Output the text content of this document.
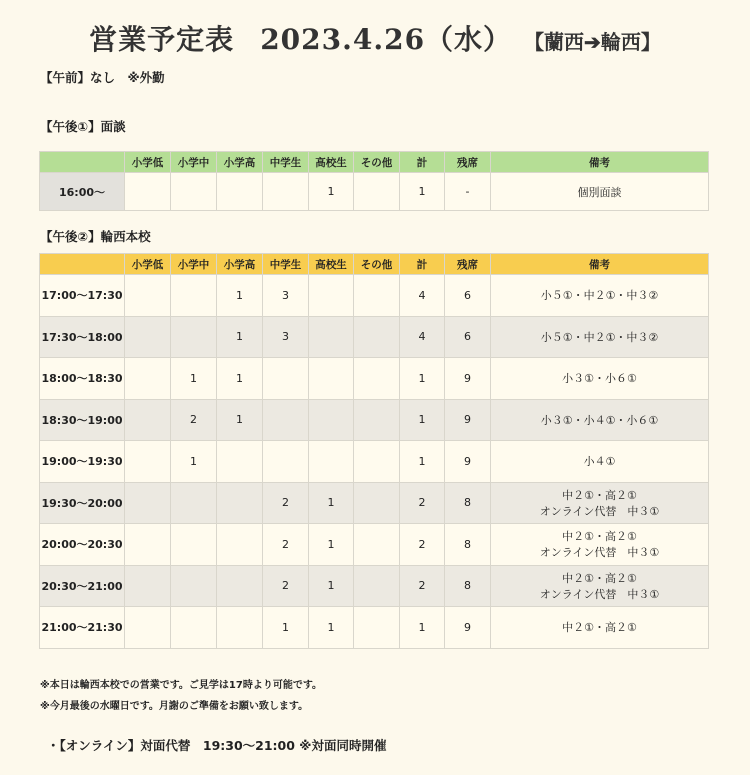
営業予定表 2023.4.26（水） 【蘭西➔輪西】
【午前】なし　※外勤
【午後①】面談
	小学低	小学中	小学高	中学生	高校生	その他	計	残席	備考
16:00〜					1		1	-	個別面談
【午後②】輪西本校
	小学低	小学中	小学高	中学生	高校生	その他	計	残席	備考
17:00〜17:30			1	3			4	6	小５①・中２①・中３②
17:30〜18:00			1	3			4	6	小５①・中２①・中３②
18:00〜18:30		1	1				1	9	小３①・小６①
18:30〜19:00		2	1				1	9	小３①・小４①・小６①
19:00〜19:30		1					1	9	小４①
19:30〜20:00				2	1		2	8	中２①・高２①
オンライン代替　中３①
20:00〜20:30				2	1		2	8	中２①・高２①
オンライン代替　中３①
20:30〜21:00				2	1		2	8	中２①・高２①
オンライン代替　中３①
21:00〜21:30				1	1		1	9	中２①・高２①
※本日は輪西本校での営業です。ご見学は17時より可能です。
※今月最後の水曜日です。月謝のご準備をお願い致します。
・【オンライン】対面代替　19:30〜21:00 ※対面同時開催
